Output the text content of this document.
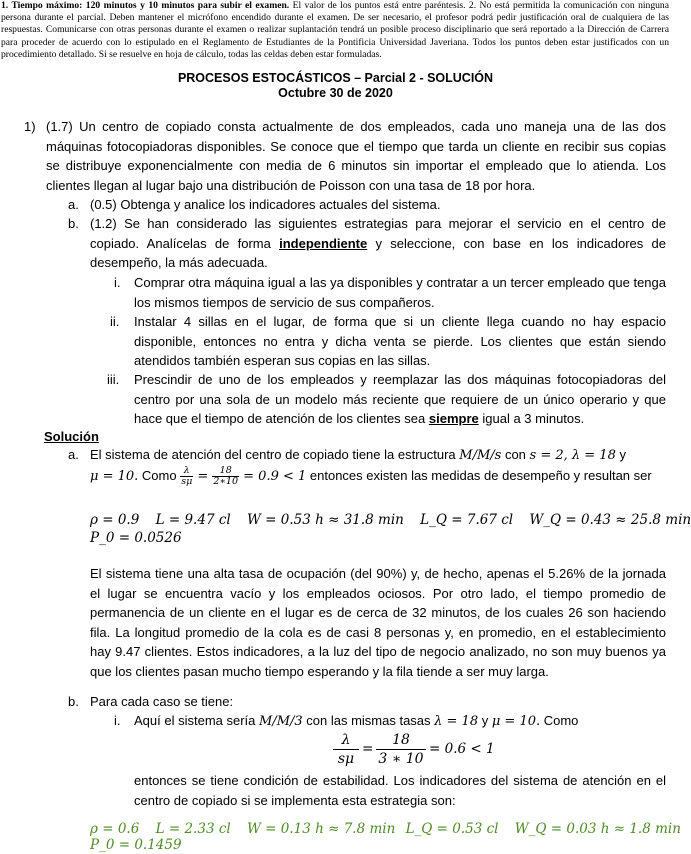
1. Tiempo máximo: 120 minutos y 10 minutos para subir el examen. El valor de los puntos está entre paréntesis. 2. No está permitida la comunicación con ninguna persona durante el parcial. Deben mantener el micrófono encendido durante el examen. De ser necesario, el profesor podrá pedir justificación oral de cualquiera de las respuestas. Comunicarse con otras personas durante el examen o realizar suplantación tendrá un posible proceso disciplinario que será reportado a la Dirección de Carrera para proceder de acuerdo con lo estipulado en el Reglamento de Estudiantes de la Pontificia Universidad Javeriana. Todos los puntos deben estar justificados con un procedimiento detallado. Si se resuelve en hoja de cálculo, todas las celdas deben estar formuladas.
PROCESOS ESTOCÁSTICOS – Parcial 2 - SOLUCIÓN
Octubre 30 de 2020
1) (1.7) Un centro de copiado consta actualmente de dos empleados, cada uno maneja una de las dos máquinas fotocopiadoras disponibles. Se conoce que el tiempo que tarda un cliente en recibir sus copias se distribuye exponencialmente con media de 6 minutos sin importar el empleado que lo atienda. Los clientes llegan al lugar bajo una distribución de Poisson con una tasa de 18 por hora.
a. (0.5) Obtenga y analice los indicadores actuales del sistema.
b. (1.2) Se han considerado las siguientes estrategias para mejorar el servicio en el centro de copiado. Analícelas de forma independiente y seleccione, con base en los indicadores de desempeño, la más adecuada.
i. Comprar otra máquina igual a las ya disponibles y contratar a un tercer empleado que tenga los mismos tiempos de servicio de sus compañeros.
ii. Instalar 4 sillas en el lugar, de forma que si un cliente llega cuando no hay espacio disponible, entonces no entra y dicha venta se pierde. Los clientes que están siendo atendidos también esperan sus copias en las sillas.
iii. Prescindir de uno de los empleados y reemplazar las dos máquinas fotocopiadoras del centro por una sola de un modelo más reciente que requiere de un único operario y que hace que el tiempo de atención de los clientes sea siempre igual a 3 minutos.
Solución
a. El sistema de atención del centro de copiado tiene la estructura M/M/s con s = 2, λ = 18 y
μ = 10. Como $\frac{\lambda}{s\mu} = \frac{18}{2∗10} = 0.9 < 1$ entonces existen las medidas de desempeño y resultan ser
ρ = 0.9 L = 9.47 cl W = 0.53 h ≈ 31.8 min L_Q = 7.67 cl W_Q = 0.43 ≈ 25.8 min
P_0 = 0.0526
El sistema tiene una alta tasa de ocupación (del 90%) y, de hecho, apenas el 5.26% de la jornada el lugar se encuentra vacío y los empleados ociosos. Por otro lado, el tiempo promedio de permanencia de un cliente en el lugar es de cerca de 32 minutos, de los cuales 26 son haciendo fila. La longitud promedio de la cola es de casi 8 personas y, en promedio, en el establecimiento hay 9.47 clientes. Estos indicadores, a la luz del tipo de negocio analizado, no son muy buenos ya que los clientes pasan mucho tiempo esperando y la fila tiende a ser muy larga.
b. Para cada caso se tiene:
i. Aquí el sistema sería M/M/3 con las mismas tasas λ = 18 y μ = 10. Como
$\frac{\lambda}{s\mu} = \frac{18}{3 ∗ 10} = 0.6 < 1$
entonces se tiene condición de estabilidad. Los indicadores del sistema de atención en el centro de copiado si se implementa esta estrategia son:
ρ = 0.6 L = 2.33 cl W = 0.13 h ≈ 7.8 min L_Q = 0.53 cl W_Q = 0.03 h ≈ 1.8 min
P_0 = 0.1459
